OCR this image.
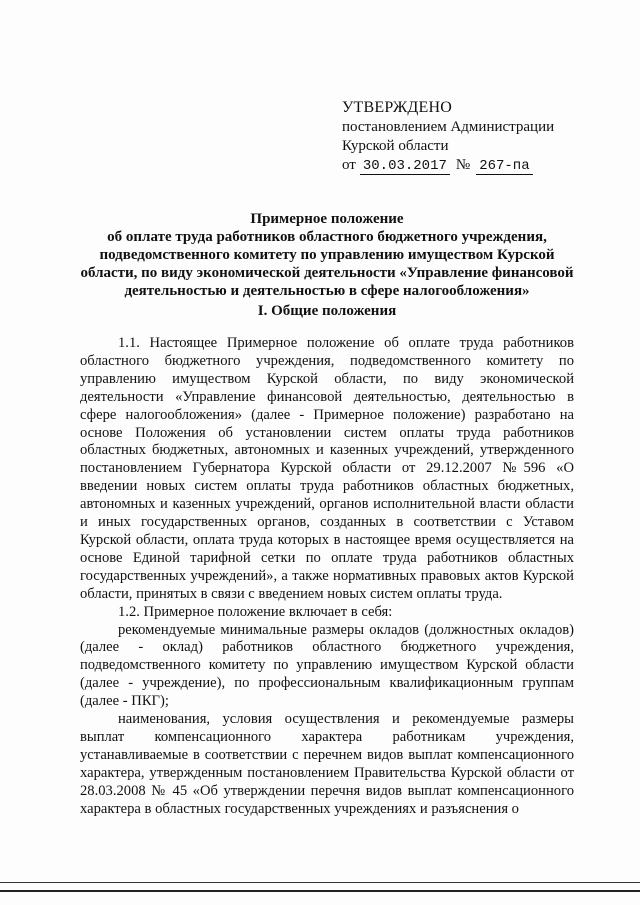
УТВЕРЖДЕНО
постановлением Администрации
Курской области
от 30.03.2017 № 267-па
Примерное положение
об оплате труда работников областного бюджетного учреждения,
подведомственного комитету по управлению имуществом Курской
области, по виду экономической деятельности «Управление финансовой
деятельностью и деятельностью в сфере налогообложения»
I. Общие положения

1.1. Настоящее Примерное положение об оплате труда работников областного бюджетного учреждения, подведомственного комитету по управлению имуществом Курской области, по виду экономической деятельности «Управление финансовой деятельностью, деятельностью в сфере налогообложения» (далее - Примерное положение) разработано на основе Положения об установлении систем оплаты труда работников областных бюджетных, автономных и казенных учреждений, утвержденного постановлением Губернатора Курской области от 29.12.2007 №596 «О введении новых систем оплаты труда работников областных бюджетных, автономных и казенных учреждений, органов исполнительной власти области и иных государственных органов, созданных в соответствии с Уставом Курской области, оплата труда которых в настоящее время осуществляется на основе Единой тарифной сетки по оплате труда работников областных государственных учреждений», а также нормативных правовых актов Курской области, принятых в связи с введением новых систем оплаты труда.

1.2. Примерное положение включает в себя:

рекомендуемые минимальные размеры окладов (должностных окладов) (далее - оклад) работников областного бюджетного учреждения, подведомственного комитету по управлению имуществом Курской области (далее - учреждение), по профессиональным квалификационным группам (далее - ПКГ);

наименования, условия осуществления и рекомендуемые размеры выплат компенсационного характера работникам учреждения, устанавливаемые в соответствии с перечнем видов выплат компенсационного характера, утвержденным постановлением Правительства Курской области от 28.03.2008 № 45 «Об утверждении перечня видов выплат компенсационного характера в областных государственных учреждениях и разъяснения о
